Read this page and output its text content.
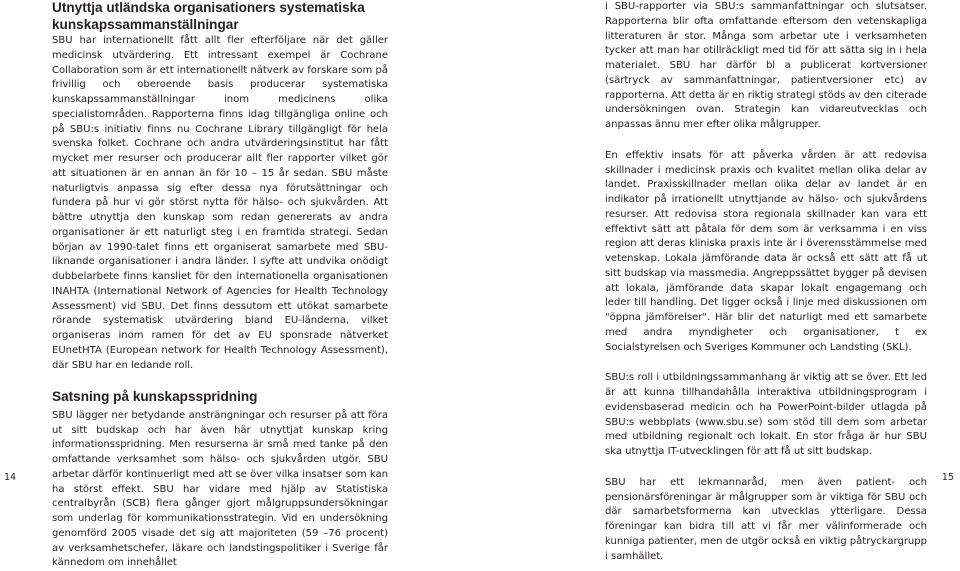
Utnyttja utländska organisationers systematiska kunskapssammanställningar

SBU har internationellt fått allt fler efterföljare när det gäller medicinsk utvärdering. Ett intressant exempel är Cochrane Collaboration som är ett internationellt nätverk av forskare som på frivillig och oberoende basis producerar systematiska kunskapssammanställningar inom medicinens olika specialistområden. Rapporterna finns idag tillgängliga online och på SBU:s initiativ finns nu Cochrane Library tillgängligt för hela svenska folket. Cochrane och andra utvärderingsinstitut har fått mycket mer resurser och producerar allt fler rapporter vilket gör att situationen är en annan än för 10 – 15 år sedan. SBU måste naturligtvis anpassa sig efter dessa nya förutsättningar och fundera på hur vi gör störst nytta för hälso- och sjukvården. Att bättre utnyttja den kunskap som redan genererats av andra organisationer är ett naturligt steg i en framtida strategi. Sedan början av 1990-talet finns ett organiserat samarbete med SBU-liknande organisationer i andra länder. I syfte att undvika onödigt dubbelarbete finns kansliet för den internationella organisationen INAHTA (International Network of Agencies for Health Technology Assessment) vid SBU. Det finns dessutom ett utökat samarbete rörande systematisk utvärdering bland EU-länderna, vilket organiseras inom ramen för det av EU sponsrade nätverket EUnetHTA (European network for Health Technology Assessment), där SBU har en ledande roll.

Satsning på kunskapsspridning

SBU lägger ner betydande ansträngningar och resurser på att föra ut sitt budskap och har även här utnyttjat kunskap kring informationsspridning. Men resurserna är små med tanke på den omfattande verksamhet som hälso- och sjukvården utgör. SBU arbetar därför kontinuerligt med att se över vilka insatser som kan ha störst effekt. SBU har vidare med hjälp av Statistiska centralbyrån (SCB) flera gånger gjort målgruppsundersökningar som underlag för kommunikationsstrategin. Vid en undersökning genomförd 2005 visade det sig att majoriteten (59 –76 procent) av verksamhetschefer, läkare och landstingspolitiker i Sverige får kännedom om innehållet

14

i SBU-rapporter via SBU:s sammanfattningar och slutsatser. Rapporterna blir ofta omfattande eftersom den vetenskapliga litteraturen är stor. Många som arbetar ute i verksamheten tycker att man har otillräckligt med tid för att sätta sig in i hela materialet. SBU har därför bl a publicerat kortversioner (särtryck av sammanfattningar, patientversioner etc) av rapporterna. Att detta är en riktig strategi stöds av den citerade undersökningen ovan. Strategin kan vidareutvecklas och anpassas ännu mer efter olika målgrupper.

En effektiv insats för att påverka vården är att redovisa skillnader i medicinsk praxis och kvalitet mellan olika delar av landet. Praxisskillnader mellan olika delar av landet är en indikator på irrationellt utnyttjande av hälso- och sjukvårdens resurser. Att redovisa stora regionala skillnader kan vara ett effektivt sätt att påtala för dem som är verksamma i en viss region att deras kliniska praxis inte är i överensstämmelse med vetenskap. Lokala jämförande data är också ett sätt att få ut sitt budskap via massmedia. Angreppssättet bygger på devisen att lokala, jämförande data skapar lokalt engagemang och leder till handling. Det ligger också i linje med diskussionen om "öppna jämförelser". Här blir det naturligt med ett samarbete med andra myndigheter och organisationer, t ex Socialstyrelsen och Sveriges Kommuner och Landsting (SKL).

SBU:s roll i utbildningssammanhang är viktig att se över. Ett led är att kunna tillhandahålla interaktiva utbildningsprogram i evidensbaserad medicin och ha PowerPoint-bilder utlagda på SBU:s webbplats (www.sbu.se) som stöd till dem som arbetar med utbildning regionalt och lokalt. En stor fråga är hur SBU ska utnyttja IT-utvecklingen för att få ut sitt budskap.

SBU har ett lekmannaråd, men även patient- och pensionärsföreningar är målgrupper som är viktiga för SBU och där samarbetsformerna kan utvecklas ytterligare. Dessa föreningar kan bidra till att vi får mer välinformerade och kunniga patienter, men de utgör också en viktig påtryckargrupp i samhället.

15
